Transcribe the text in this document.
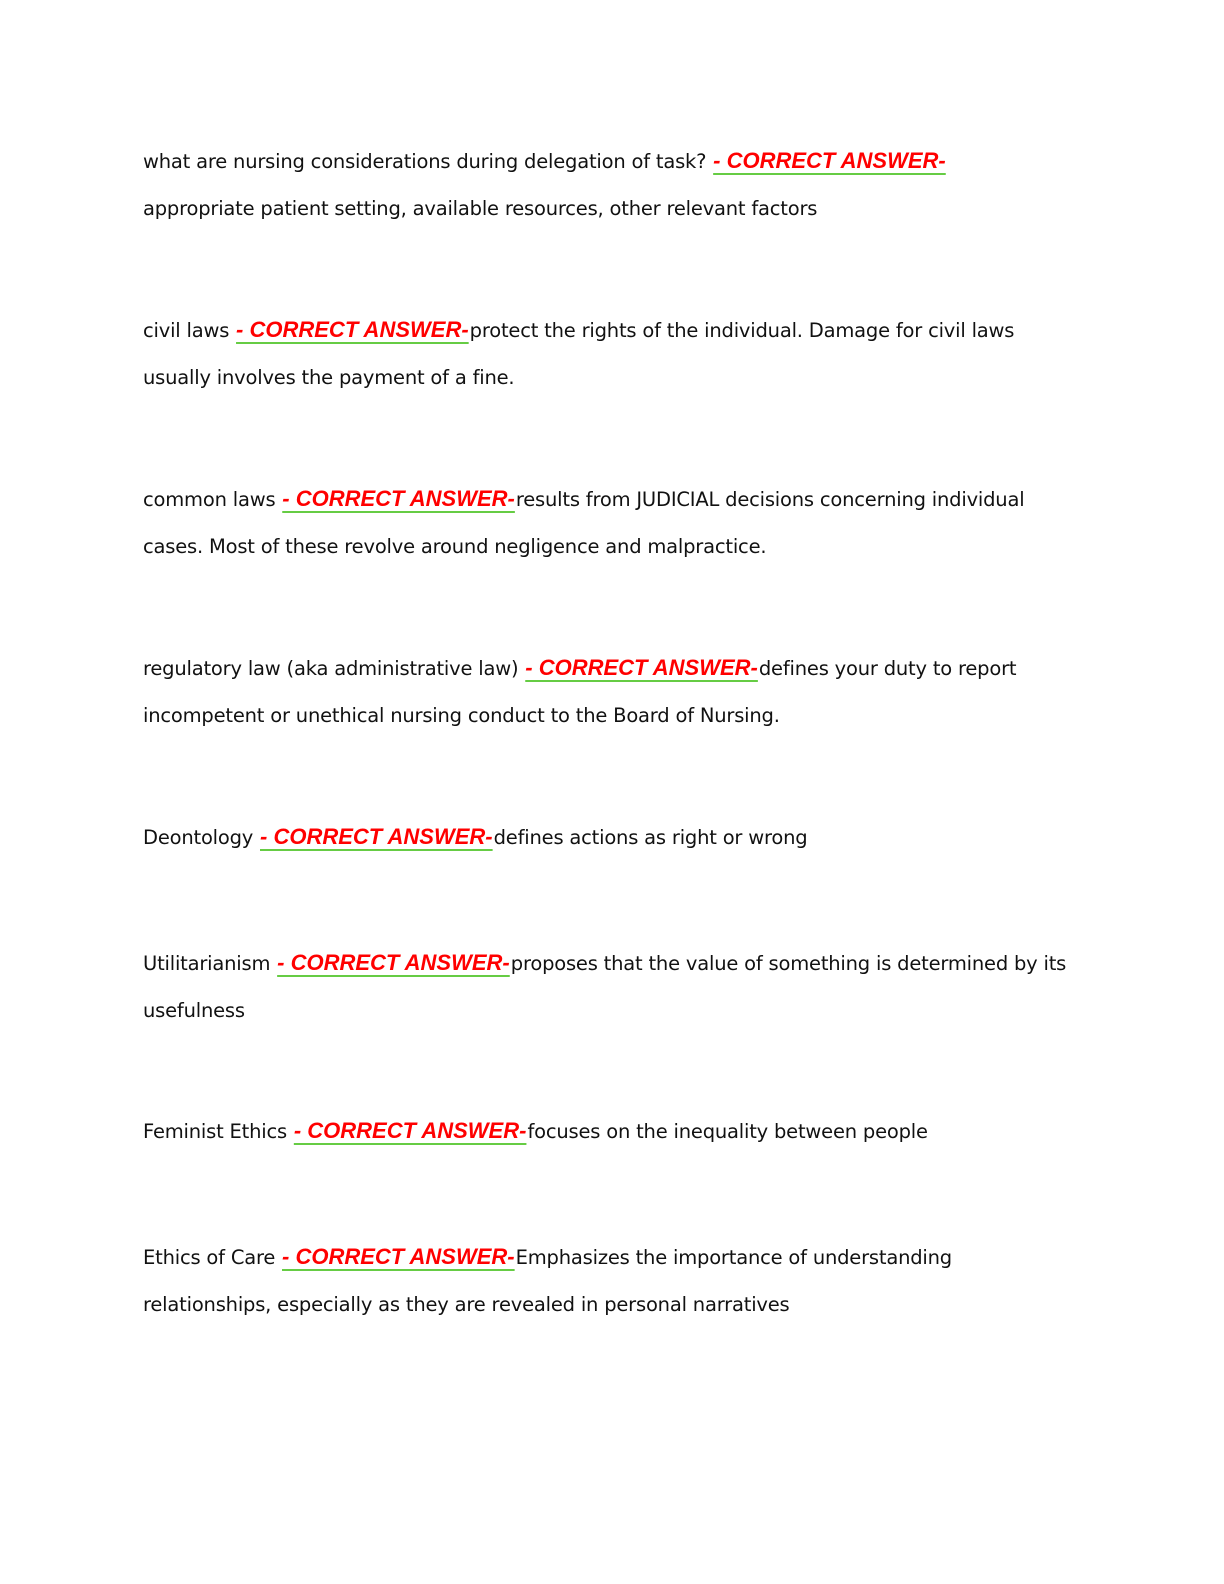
what are nursing considerations during delegation of task? - CORRECT ANSWER-
appropriate patient setting, available resources, other relevant factors

civil laws - CORRECT ANSWER-protect the rights of the individual. Damage for civil laws usually involves the payment of a fine.

common laws - CORRECT ANSWER-results from JUDICIAL decisions concerning individual cases. Most of these revolve around negligence and malpractice.

regulatory law (aka administrative law) - CORRECT ANSWER-defines your duty to report incompetent or unethical nursing conduct to the Board of Nursing.

Deontology - CORRECT ANSWER-defines actions as right or wrong

Utilitarianism - CORRECT ANSWER-proposes that the value of something is determined by its usefulness

Feminist Ethics - CORRECT ANSWER-focuses on the inequality between people

Ethics of Care - CORRECT ANSWER-Emphasizes the importance of understanding relationships, especially as they are revealed in personal narratives
